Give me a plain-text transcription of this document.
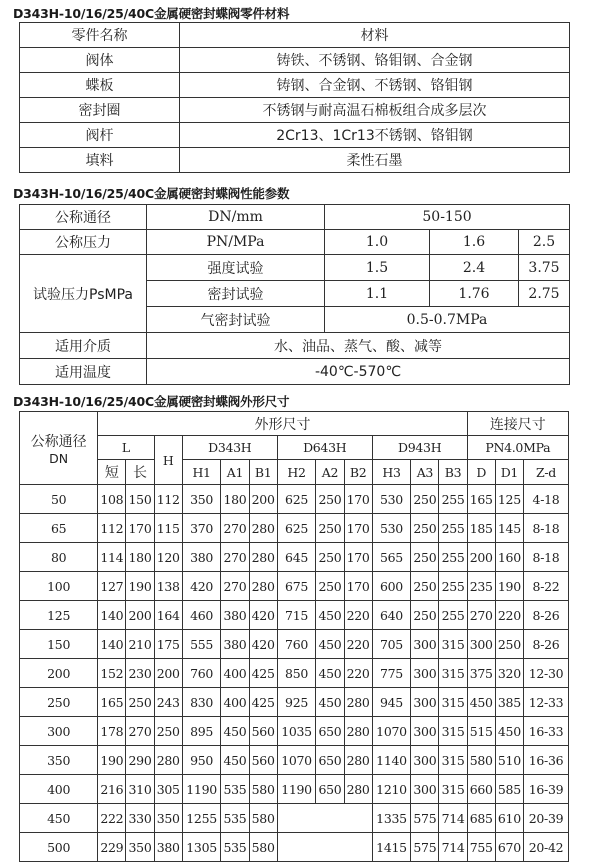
D343H-10/16/25/40C金属硬密封蝶阀零件材料
零件名称	材料
阀体	铸铁、不锈钢、铬钼钢、合金钢
蝶板	铸钢、合金钢、不锈钢、铬钼钢
密封圈	不锈钢与耐高温石棉板组合成多层次
阀杆	2Cr13、1Cr13不锈钢、铬钼钢
填料	柔性石墨
D343H-10/16/25/40C金属硬密封蝶阀性能参数
公称通径	DN/mm	50-150		
公称压力	PN/MPa	1.0	1.6	2.5
试验压力PsMPa	强度试验	1.5	2.4	3.75
	密封试验	1.1	1.76	2.75
	气密封试验	0.5-0.7MPa		
适用介质	水、油品、蒸气、酸、减等			
适用温度	-40℃-570℃			
D343H-10/16/25/40C金属硬密封蝶阀外形尺寸
公称通径
DN	外形尺寸												连接尺寸		
	L		H	D343H			D643H			D943H			PN4.0MPa		
	短	长		H1	A1	B1	H2	A2	B2	H3	A3	B3	D	D1	Z-d
50	108	150	112	350	180	200	625	250	170	530	250	255	165	125	4-18
65	112	170	115	370	270	280	625	250	170	530	250	255	185	145	8-18
80	114	180	120	380	270	280	645	250	170	565	250	255	200	160	8-18
100	127	190	138	420	270	280	675	250	170	600	250	255	235	190	8-22
125	140	200	164	460	380	420	715	450	220	640	250	255	270	220	8-26
150	140	210	175	555	380	420	760	450	220	705	300	315	300	250	8-26
200	152	230	200	760	400	425	850	450	220	775	300	315	375	320	12-30
250	165	250	243	830	400	425	925	450	280	945	300	315	450	385	12-33
300	178	270	250	895	450	560	1035	650	280	1070	300	315	515	450	16-33
350	190	290	280	950	450	560	1070	650	280	1140	300	315	580	510	16-36
400	216	310	305	1190	535	580	1190	650	280	1210	300	315	660	585	16-39
450	222	330	350	1255	535	580				1335	575	714	685	610	20-39
500	229	350	380	1305	535	580				1415	575	714	755	670	20-42
